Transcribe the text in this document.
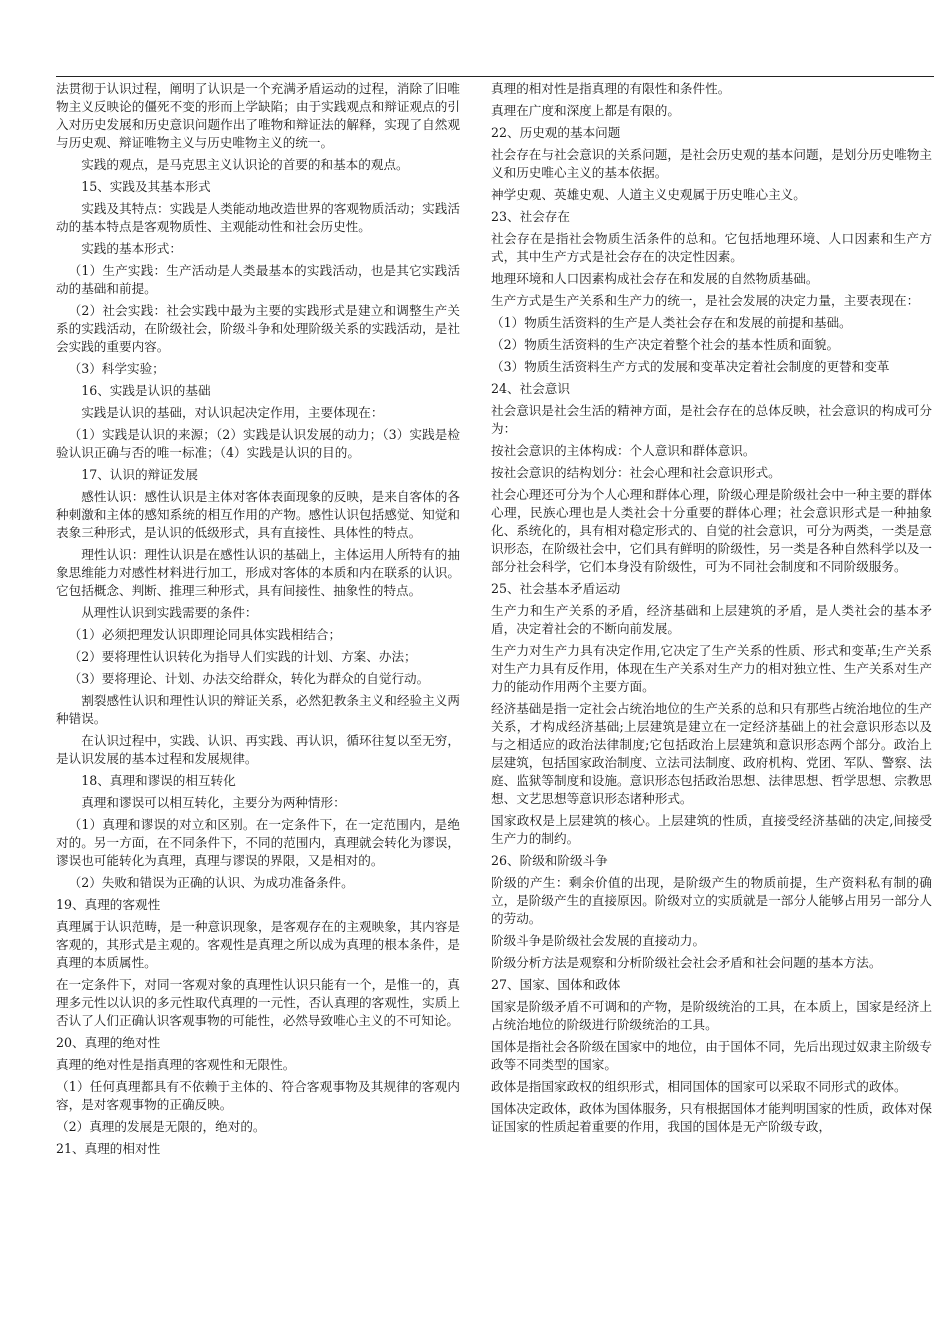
法贯彻于认识过程，阐明了认识是一个充满矛盾运动的过程，消除了旧唯物主义反映论的僵死不变的形而上学缺陷；由于实践观点和辩证观点的引入对历史发展和历史意识问题作出了唯物和辩证法的解释，实现了自然观与历史观、辩证唯物主义与历史唯物主义的统一。

实践的观点，是马克思主义认识论的首要的和基本的观点。

15、实践及其基本形式

实践及其特点：实践是人类能动地改造世界的客观物质活动；实践活动的基本特点是客观物质性、主观能动性和社会历史性。

实践的基本形式：

（1）生产实践：生产活动是人类最基本的实践活动，也是其它实践活动的基础和前提。

（2）社会实践：社会实践中最为主要的实践形式是建立和调整生产关系的实践活动，在阶级社会，阶级斗争和处理阶级关系的实践活动，是社会实践的重要内容。

（3）科学实验；

16、实践是认识的基础

实践是认识的基础，对认识起决定作用，主要体现在：

（1）实践是认识的来源；（2）实践是认识发展的动力；（3）实践是检验认识正确与否的唯一标准；（4）实践是认识的目的。

17、认识的辩证发展

感性认识：感性认识是主体对客体表面现象的反映，是来自客体的各种刺激和主体的感知系统的相互作用的产物。感性认识包括感觉、知觉和表象三种形式，是认识的低级形式，具有直接性、具体性的特点。

理性认识：理性认识是在感性认识的基础上，主体运用人所特有的抽象思维能力对感性材料进行加工，形成对客体的本质和内在联系的认识。它包括概念、判断、推理三种形式，具有间接性、抽象性的特点。

从理性认识到实践需要的条件：

（1）必须把理发认识即理论同具体实践相结合；

（2）要将理性认识转化为指导人们实践的计划、方案、办法；

（3）要将理论、计划、办法交给群众，转化为群众的自觉行动。

割裂感性认识和理性认识的辩证关系，必然犯教条主义和经验主义两种错误。

在认识过程中，实践、认识、再实践、再认识，循环往复以至无穷，是认识发展的基本过程和发展规律。

18、真理和谬误的相互转化

真理和谬误可以相互转化，主要分为两种情形：

（1）真理和谬误的对立和区别。在一定条件下，在一定范围内，是绝对的。另一方面，在不同条件下，不同的范围内，真理就会转化为谬误，谬误也可能转化为真理，真理与谬误的界限，又是相对的。

（2）失败和错误为正确的认识、为成功准备条件。

19、真理的客观性

真理属于认识范畴，是一种意识现象，是客观存在的主观映象，其内容是客观的，其形式是主观的。客观性是真理之所以成为真理的根本条件，是真理的本质属性。

在一定条件下，对同一客观对象的真理性认识只能有一个，是惟一的，真理多元性以认识的多元性取代真理的一元性，否认真理的客观性，实质上否认了人们正确认识客观事物的可能性，必然导致唯心主义的不可知论。

20、真理的绝对性

真理的绝对性是指真理的客观性和无限性。

（1）任何真理都具有不依赖于主体的、符合客观事物及其规律的客观内容，是对客观事物的正确反映。

（2）真理的发展是无限的，绝对的。

21、真理的相对性

真理的相对性是指真理的有限性和条件性。

真理在广度和深度上都是有限的。

22、历史观的基本问题

社会存在与社会意识的关系问题，是社会历史观的基本问题，是划分历史唯物主义和历史唯心主义的基本依据。

神学史观、英雄史观、人道主义史观属于历史唯心主义。

23、社会存在

社会存在是指社会物质生活条件的总和。它包括地理环境、人口因素和生产方式，其中生产方式是社会存在的决定性因素。

地理环境和人口因素构成社会存在和发展的自然物质基础。

生产方式是生产关系和生产力的统一，是社会发展的决定力量，主要表现在：

（1）物质生活资料的生产是人类社会存在和发展的前提和基础。

（2）物质生活资料的生产决定着整个社会的基本性质和面貌。

（3）物质生活资料生产方式的发展和变革决定着社会制度的更替和变革

24、社会意识

社会意识是社会生活的精神方面，是社会存在的总体反映，社会意识的构成可分为：

按社会意识的主体构成：个人意识和群体意识。

按社会意识的结构划分：社会心理和社会意识形式。

社会心理还可分为个人心理和群体心理，阶级心理是阶级社会中一种主要的群体心理，民族心理也是人类社会十分重要的群体心理；社会意识形式是一种抽象化、系统化的，具有相对稳定形式的、自觉的社会意识，可分为两类，一类是意识形态，在阶级社会中，它们具有鲜明的阶级性，另一类是各种自然科学以及一部分社会科学，它们本身没有阶级性，可为不同社会制度和不同阶级服务。

25、社会基本矛盾运动

生产力和生产关系的矛盾，经济基础和上层建筑的矛盾，是人类社会的基本矛盾，决定着社会的不断向前发展。

生产力对生产力具有决定作用,它决定了生产关系的性质、形式和变革;生产关系对生产力具有反作用，体现在生产关系对生产力的相对独立性、生产关系对生产力的能动作用两个主要方面。

经济基础是指一定社会占统治地位的生产关系的总和只有那些占统治地位的生产关系，才构成经济基础;上层建筑是建立在一定经济基础上的社会意识形态以及与之相适应的政治法律制度;它包括政治上层建筑和意识形态两个部分。政治上层建筑，包括国家政治制度、立法司法制度、政府机构、党团、军队、警察、法庭、监狱等制度和设施。意识形态包括政治思想、法律思想、哲学思想、宗教思想、文艺思想等意识形态诸种形式。

国家政权是上层建筑的核心。上层建筑的性质，直接受经济基础的决定,间接受生产力的制约。

26、阶级和阶级斗争

阶级的产生：剩余价值的出现，是阶级产生的物质前提，生产资料私有制的确立，是阶级产生的直接原因。阶级对立的实质就是一部分人能够占用另一部分人的劳动。

阶级斗争是阶级社会发展的直接动力。

阶级分析方法是观察和分析阶级社会社会矛盾和社会问题的基本方法。

27、国家、国体和政体

国家是阶级矛盾不可调和的产物，是阶级统治的工具，在本质上，国家是经济上占统治地位的阶级进行阶级统治的工具。

国体是指社会各阶级在国家中的地位，由于国体不同，先后出现过奴隶主阶级专政等不同类型的国家。

政体是指国家政权的组织形式，相同国体的国家可以采取不同形式的政体。

国体决定政体，政体为国体服务，只有根据国体才能判明国家的性质，政体对保证国家的性质起着重要的作用，我国的国体是无产阶级专政，
